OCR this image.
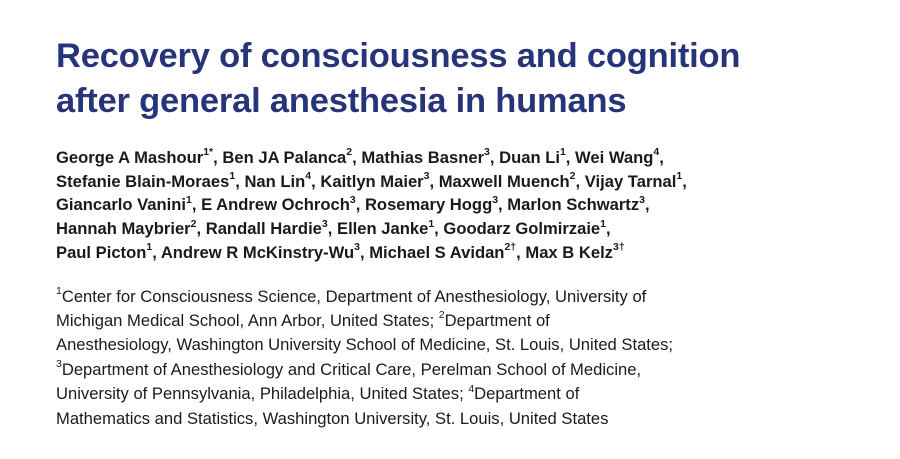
Recovery of consciousness and cognition
after general anesthesia in humans
George A Mashour$^{1*}$, Ben JA Palanca$^2$, Mathias Basner$^3$, Duan Li$^1$, Wei Wang$^4$,
Stefanie Blain-Moraes$^1$, Nan Lin$^4$, Kaitlyn Maier$^3$, Maxwell Muench$^2$, Vijay Tarnal$^1$,
Giancarlo Vanini$^1$, E Andrew Ochroch$^3$, Rosemary Hogg$^3$, Marlon Schwartz$^3$,
Hannah Maybrier$^2$, Randall Hardie$^3$, Ellen Janke$^1$, Goodarz Golmirzaie$^1$,
Paul Picton$^1$, Andrew R McKinstry-Wu$^3$, Michael S Avidan$^{2\dagger}$, Max B Kelz$^{3\dagger}$
$^1$Center for Consciousness Science, Department of Anesthesiology, University of
Michigan Medical School, Ann Arbor, United States; $^2$Department of
Anesthesiology, Washington University School of Medicine, St. Louis, United States;
$^3$Department of Anesthesiology and Critical Care, Perelman School of Medicine,
University of Pennsylvania, Philadelphia, United States; $^4$Department of
Mathematics and Statistics, Washington University, St. Louis, United States
